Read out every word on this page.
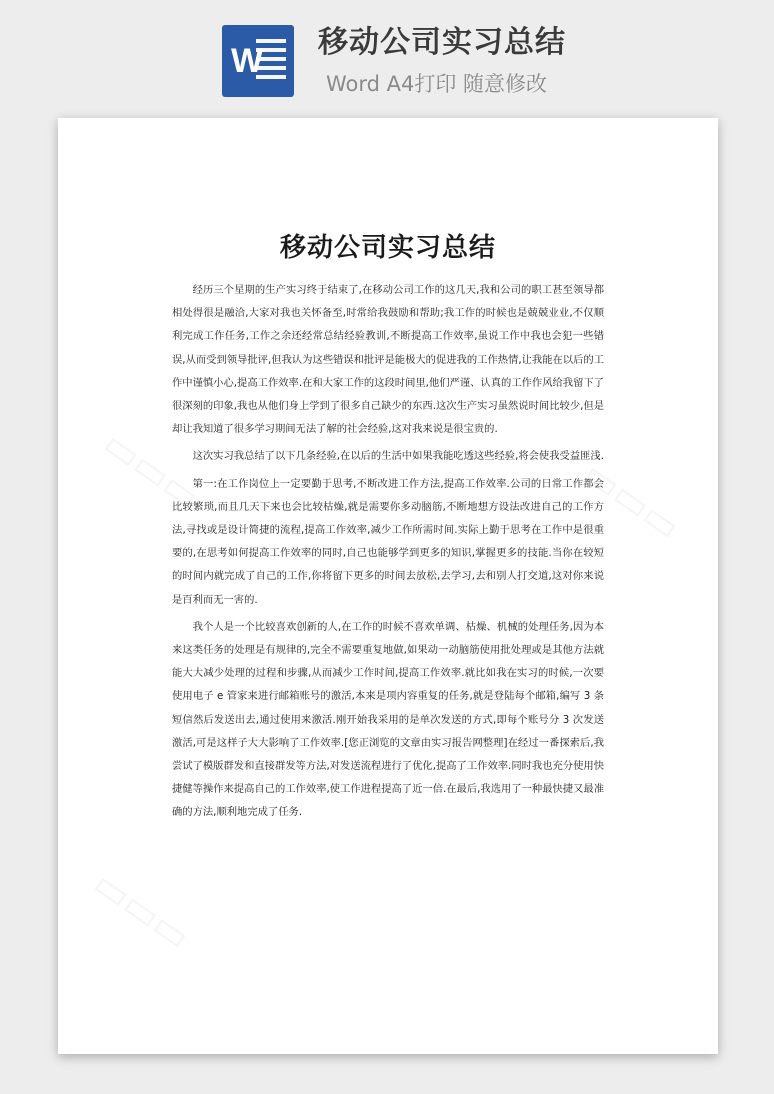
W 移动公司实习总结
Word A4打印 随意修改
▭▭▭	▭▭▭
▭▭▭
移动公司实习总结

经历三个星期的生产实习终于结束了,在移动公司工作的这几天,我和公司的职工甚至领导都相处得很是融洽,大家对我也关怀备至,时常给我鼓励和帮助;我工作的时候也是兢兢业业,不仅顺利完成工作任务,工作之余还经常总结经验教训,不断提高工作效率,虽说工作中我也会犯一些错误,从而受到领导批评,但我认为这些错误和批评是能极大的促进我的工作热情,让我能在以后的工作中谨慎小心,提高工作效率.在和大家工作的这段时间里,他们严谨、认真的工作作风给我留下了很深刻的印象,我也从他们身上学到了很多自己缺少的东西.这次生产实习虽然说时间比较少,但是却让我知道了很多学习期间无法了解的社会经验,这对我来说是很宝贵的.

这次实习我总结了以下几条经验,在以后的生活中如果我能吃透这些经验,将会使我受益匪浅.

第一:在工作岗位上一定要勤于思考,不断改进工作方法,提高工作效率.公司的日常工作都会比较繁琐,而且几天下来也会比较枯燥,就是需要你多动脑筋,不断地想方设法改进自己的工作方法,寻找或是设计简捷的流程,提高工作效率,减少工作所需时间.实际上勤于思考在工作中是很重要的,在思考如何提高工作效率的同时,自己也能够学到更多的知识,掌握更多的技能.当你在较短的时间内就完成了自己的工作,你将留下更多的时间去放松,去学习,去和别人打交道,这对你来说是百利而无一害的.

我个人是一个比较喜欢创新的人,在工作的时候不喜欢单调、枯燥、机械的处理任务,因为本来这类任务的处理是有规律的,完全不需要重复地做,如果动一动脑筋使用批处理或是其他方法就能大大减少处理的过程和步骤,从而减少工作时间,提高工作效率.就比如我在实习的时候,一次要使用电子 e 管家来进行邮箱账号的激活,本来是项内容重复的任务,就是登陆每个邮箱,编写 3 条短信然后发送出去,通过使用来激活.刚开始我采用的是单次发送的方式,即每个账号分 3 次发送激活,可是这样子大大影响了工作效率.[您正浏览的文章由实习报告网整理]在经过一番探索后,我尝试了模版群发和直接群发等方法,对发送流程进行了优化,提高了工作效率.同时我也充分使用快捷健等操作来提高自己的工作效率,使工作进程提高了近一倍.在最后,我选用了一种最快捷又最准确的方法,顺利地完成了任务.
